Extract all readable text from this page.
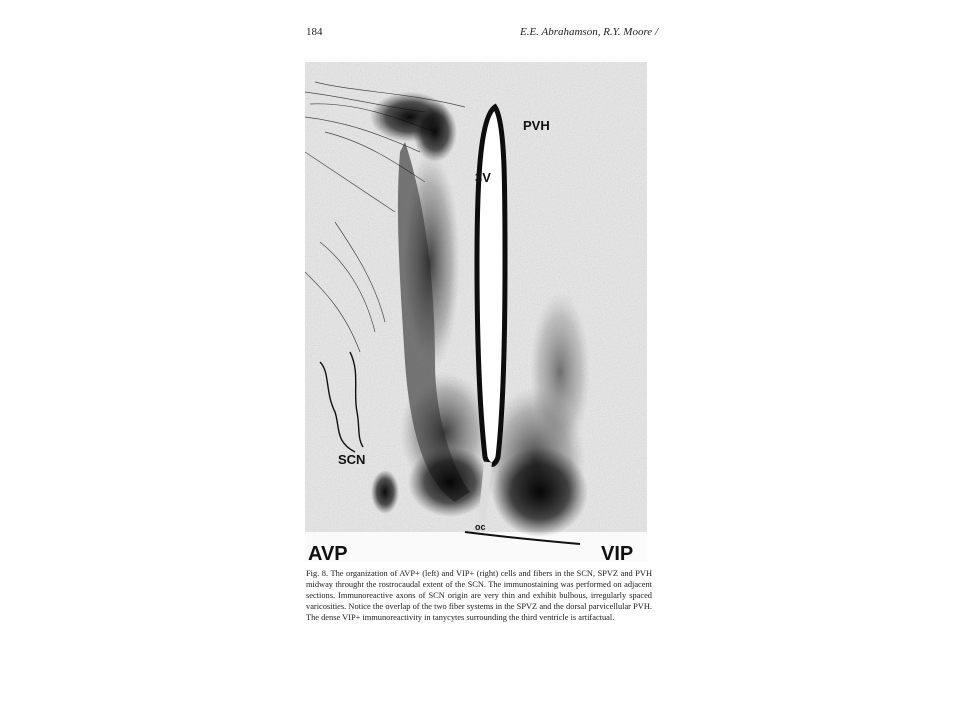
184	E.E. Abrahamson, R.Y. Moore /
PVH
3V
SCN
oc
AVP	VIP

Fig. 8. The organization of AVP+ (left) and VIP+ (right) cells and fibers in the SCN, SPVZ and PVH midway throught the rostrocaudal extent of the SCN. The immunostaining was performed on adjacent sections. Immunoreactive axons of SCN origin are very thin and exhibit bulbous, irregularly spaced varicosities. Notice the overlap of the two fiber systems in the SPVZ and the dorsal parvicellular PVH. The dense VIP+ immunoreactivity in tanycytes surrounding the third ventricle is artifactual.
